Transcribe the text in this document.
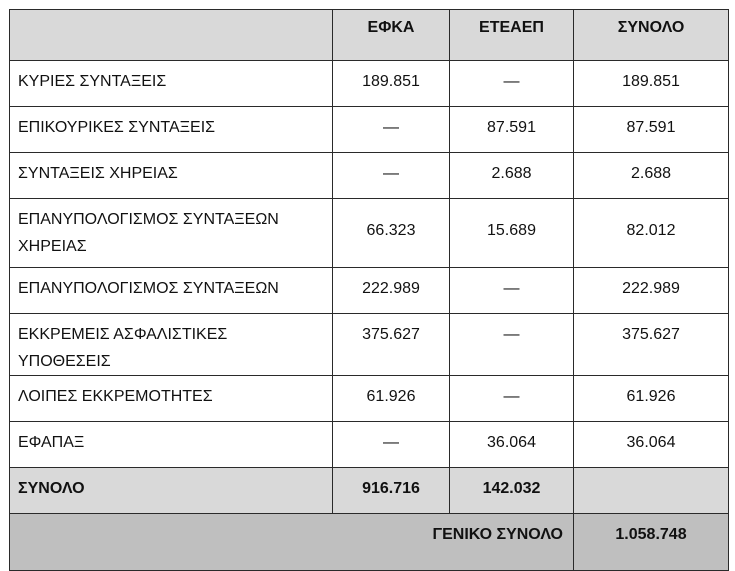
	ΕΦΚΑ	ΕΤΕΑΕΠ	ΣΥΝΟΛΟ
ΚΥΡΙΕΣ ΣΥΝΤΑΞΕΙΣ	189.851	—	189.851
ΕΠΙΚΟΥΡΙΚΕΣ ΣΥΝΤΑΞΕΙΣ	—	87.591	87.591
ΣΥΝΤΑΞΕΙΣ ΧΗΡΕΙΑΣ	—	2.688	2.688
ΕΠΑΝΥΠΟΛΟΓΙΣΜΟΣ ΣΥΝΤΑΞΕΩΝ ΧΗΡΕΙΑΣ	66.323	15.689	82.012
ΕΠΑΝΥΠΟΛΟΓΙΣΜΟΣ ΣΥΝΤΑΞΕΩΝ	222.989	—	222.989
ΕΚΚΡΕΜΕΙΣ ΑΣΦΑΛΙΣΤΙΚΕΣ ΥΠΟΘΕΣΕΙΣ	375.627	—	375.627
ΛΟΙΠΕΣ ΕΚΚΡΕΜΟΤΗΤΕΣ	61.926	—	61.926
ΕΦΑΠΑΞ	—	36.064	36.064
ΣΥΝΟΛΟ	916.716	142.032	
ΓΕΝΙΚΟ ΣΥΝΟΛΟ			1.058.748
